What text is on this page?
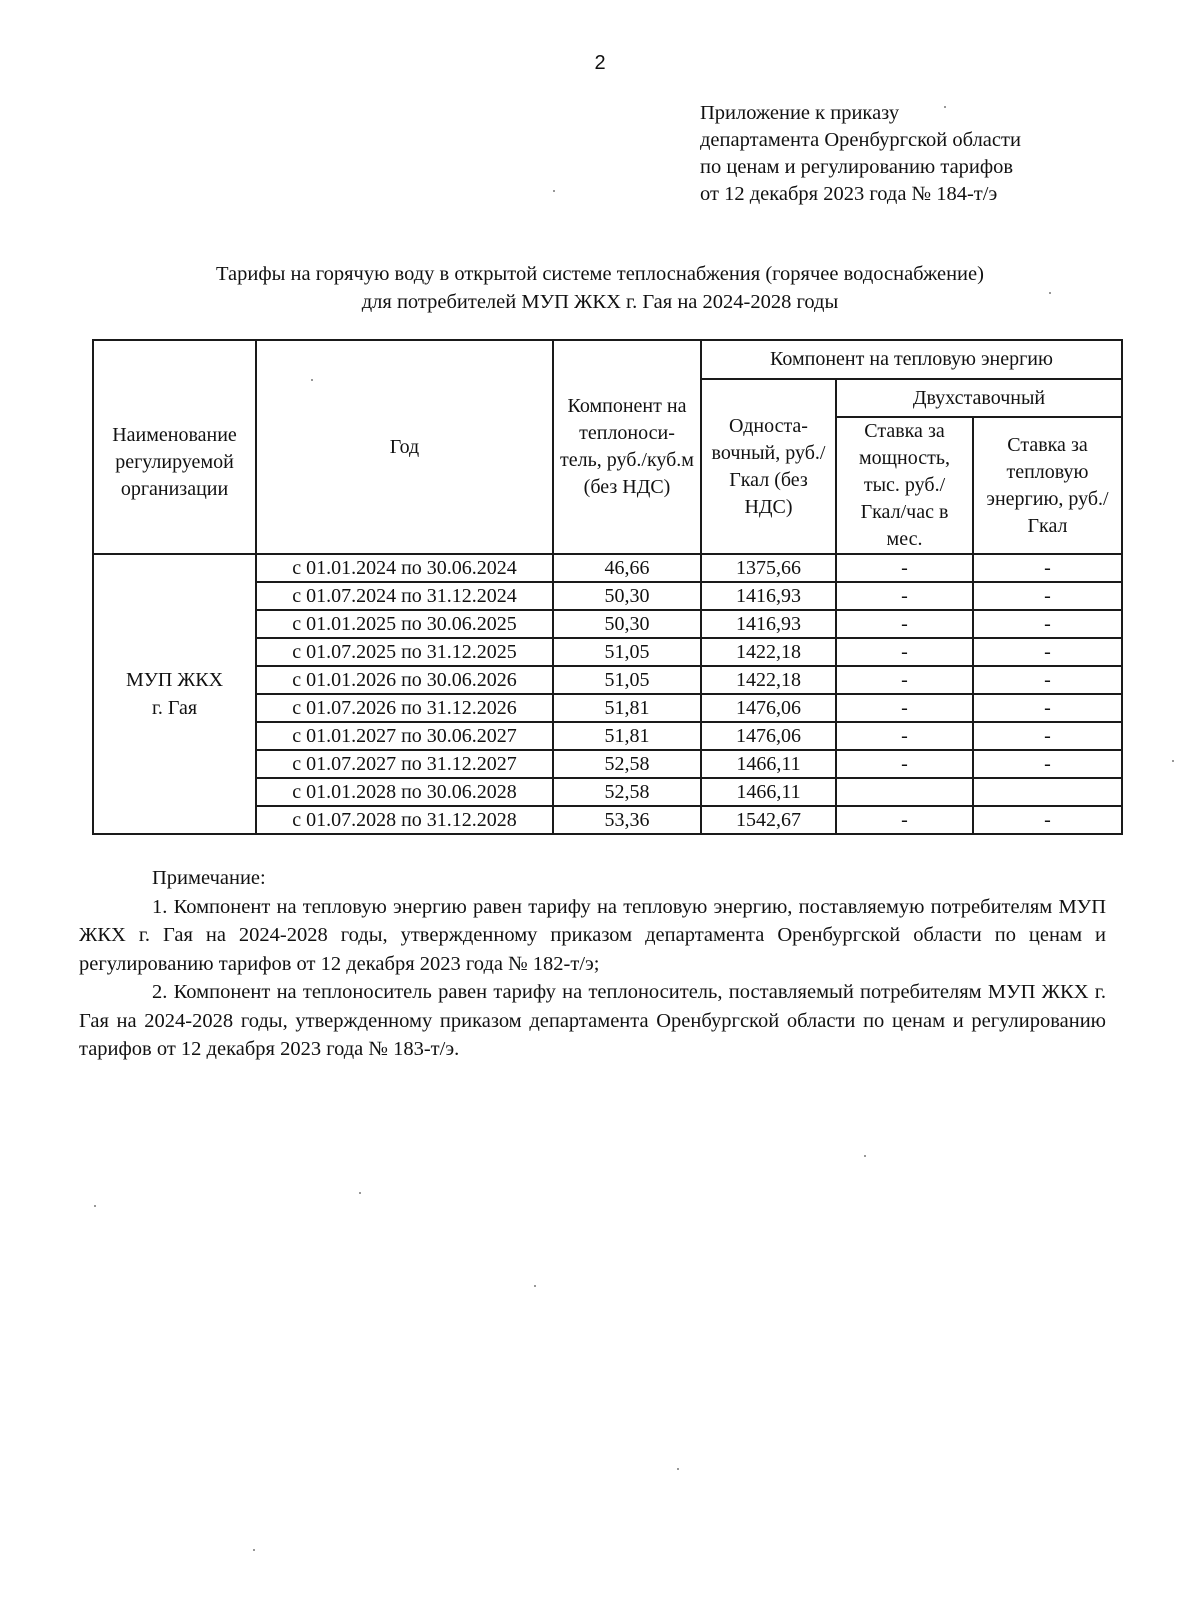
2
Приложение к приказу
департамента Оренбургской области
по ценам и регулированию тарифов
от 12 декабря 2023 года № 184-т/э
Тарифы на горячую воду в открытой системе теплоснабжения (горячее водоснабжение)
для потребителей МУП ЖКХ г. Гая на 2024-2028 годы
Наименование регулируемой организации	Год	Компонент на теплоноси-тель, руб./куб.м (без НДС)	Компонент на тепловую энергию		
			Односта-вочный, руб./Гкал (без НДС)	Двухставочный	
				Ставка за мощность, тыс. руб./ Гкал/час в мес.	Ставка за тепловую энергию, руб./Гкал
МУП ЖКХ г. Гая	с 01.01.2024 по 30.06.2024	46,66	1375,66	-	-
	с 01.07.2024 по 31.12.2024	50,30	1416,93	-	-
	с 01.01.2025 по 30.06.2025	50,30	1416,93	-	-
	с 01.07.2025 по 31.12.2025	51,05	1422,18	-	-
	с 01.01.2026 по 30.06.2026	51,05	1422,18	-	-
	с 01.07.2026 по 31.12.2026	51,81	1476,06	-	-
	с 01.01.2027 по 30.06.2027	51,81	1476,06	-	-
	с 01.07.2027 по 31.12.2027	52,58	1466,11	-	-
	с 01.01.2028 по 30.06.2028	52,58	1466,11		
	с 01.07.2028 по 31.12.2028	53,36	1542,67	-	-
Примечание:
1. Компонент на тепловую энергию равен тарифу на тепловую энергию, поставляемую потребителям МУП ЖКХ г. Гая на 2024-2028 годы, утвержденному приказом департамента Оренбургской области по ценам и регулированию тарифов от 12 декабря 2023 года № 182-т/э;
2. Компонент на теплоноситель равен тарифу на теплоноситель, поставляемый потребителям МУП ЖКХ г. Гая на 2024-2028 годы, утвержденному приказом департамента Оренбургской области по ценам и регулированию тарифов от 12 декабря 2023 года № 183-т/э.
